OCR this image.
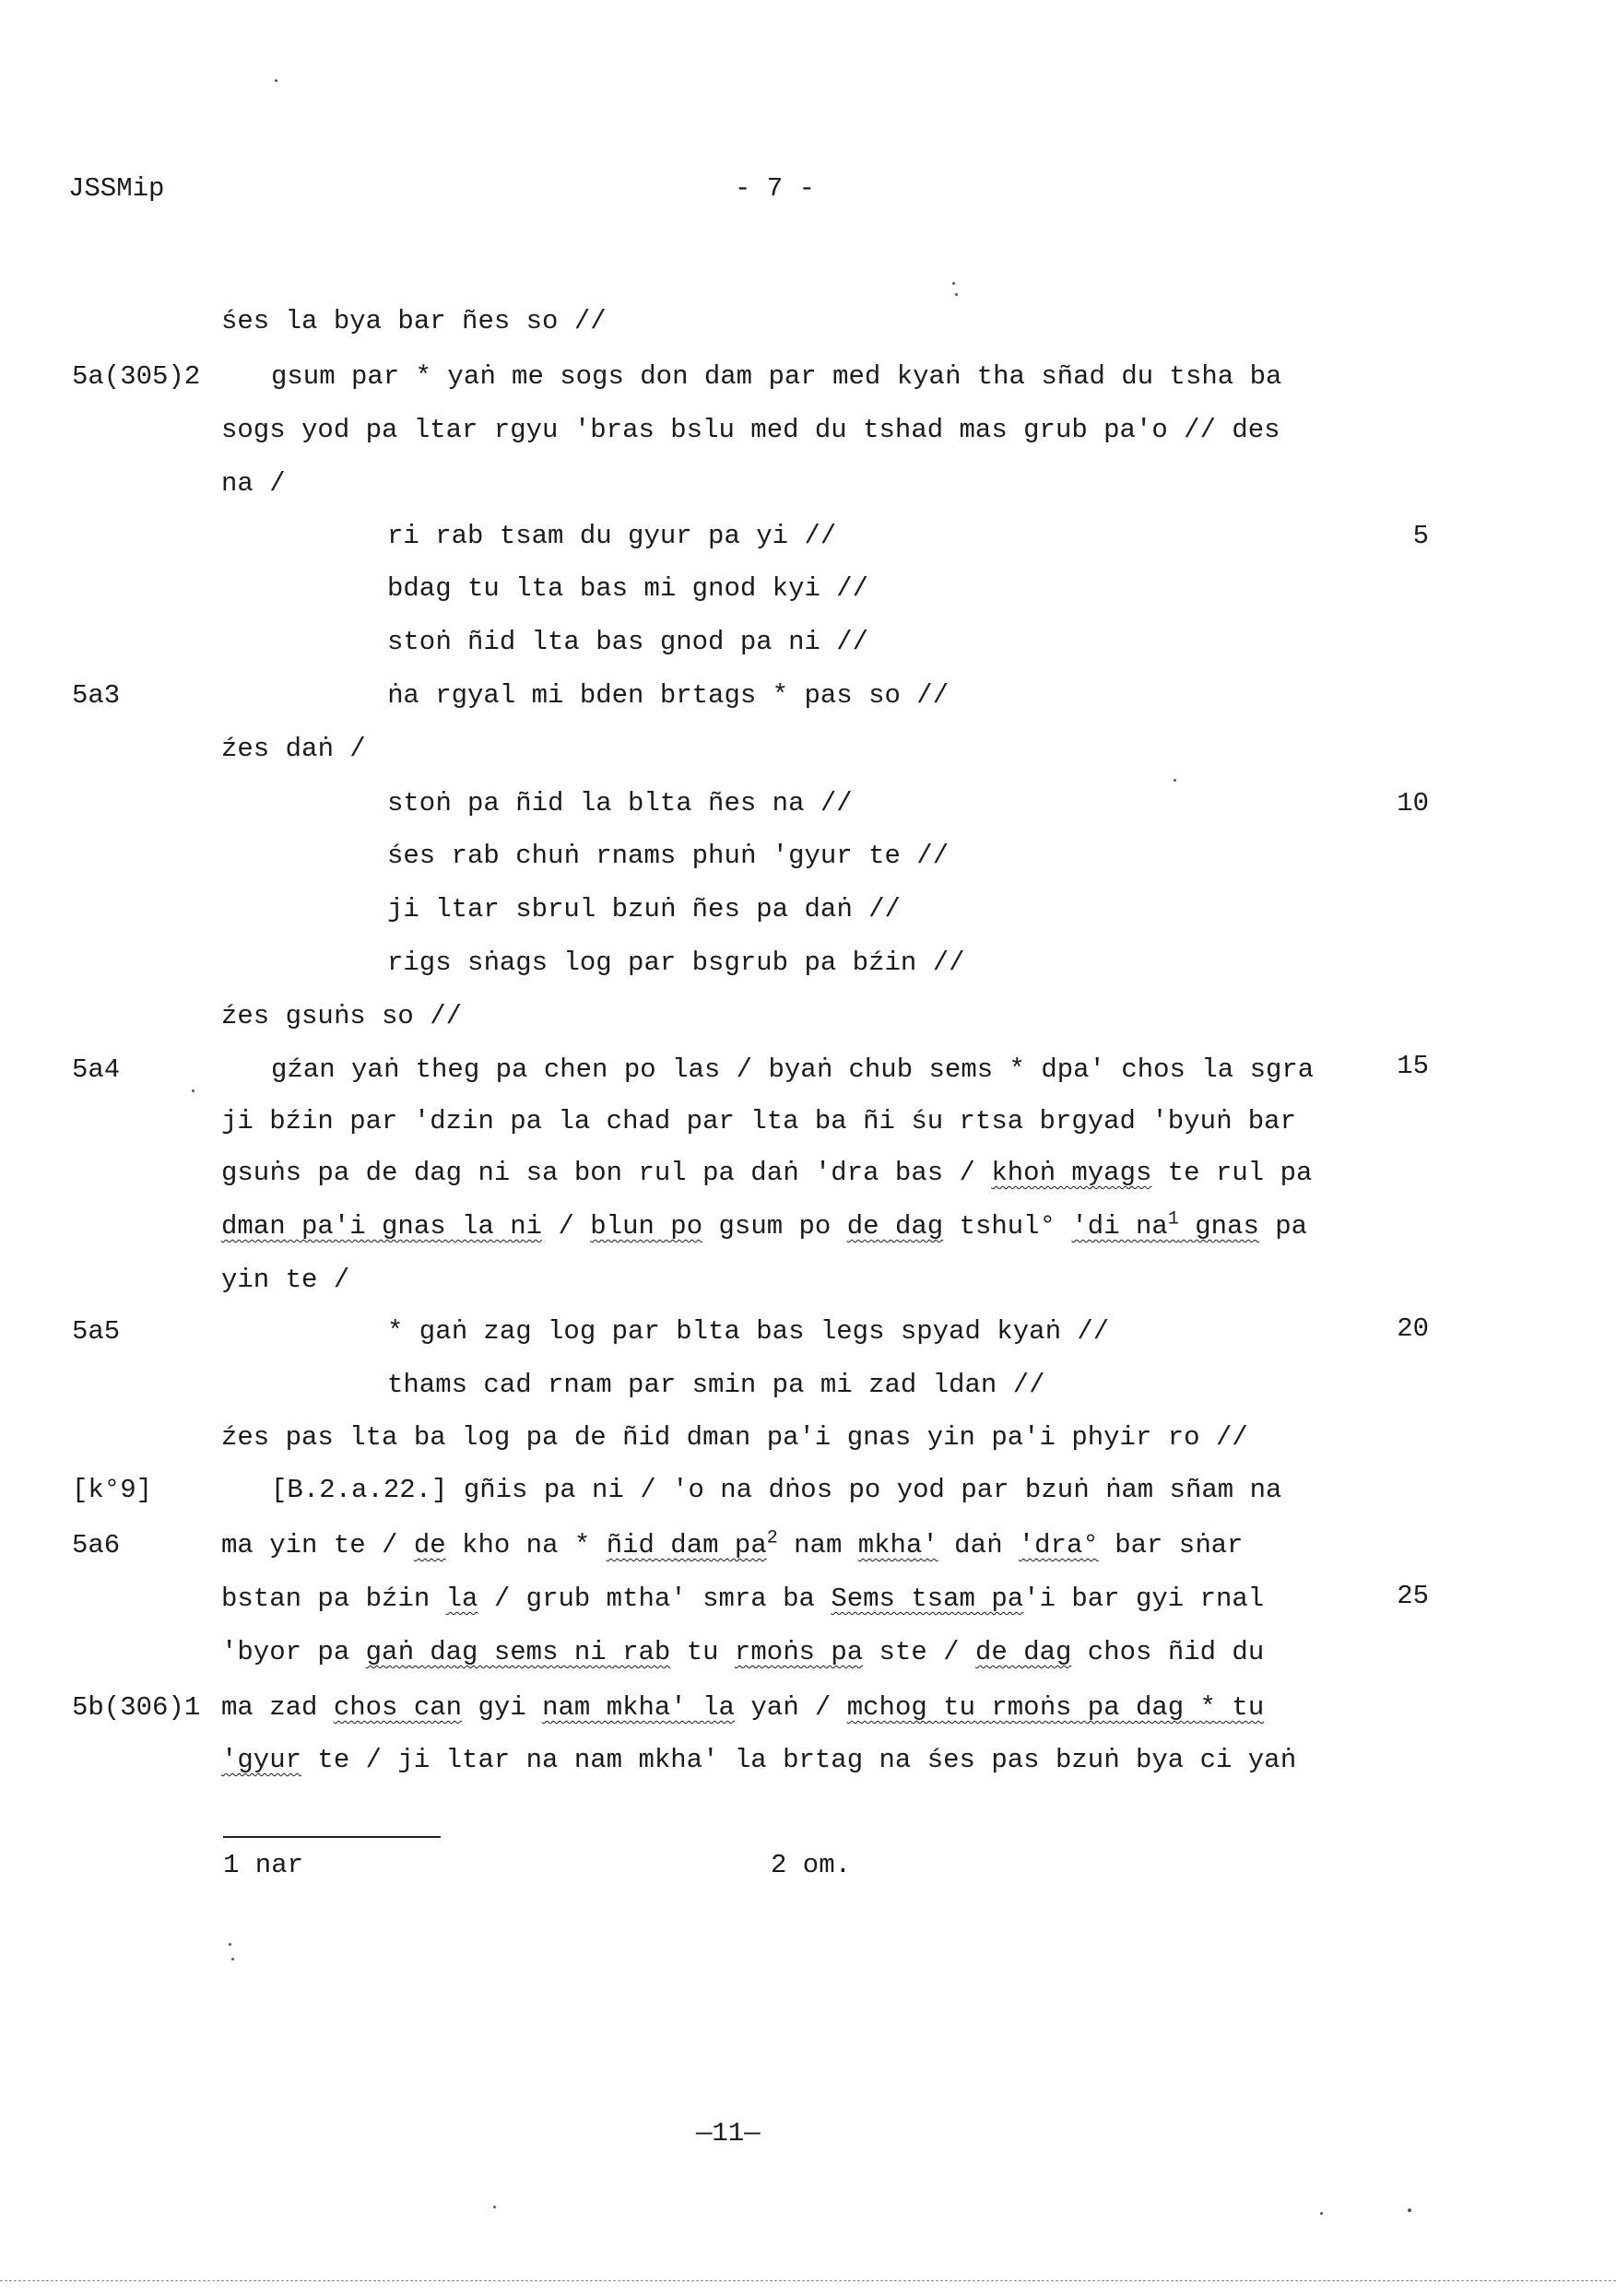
JSSMip	- 7 -
5a(305)2
5a3
5a4
5a5
[k°9]
5a6
5b(306)1
5
10
15
20
25
śes la bya bar ñes so //
gsum par * yaṅ me sogs don dam par med kyaṅ tha sñad du tsha ba
sogs yod pa ltar rgyu 'bras bslu med du tshad mas grub pa'o // des
na /
ri rab tsam du gyur pa yi //
bdag tu lta bas mi gnod kyi //
stoṅ ñid lta bas gnod pa ni //
ṅa rgyal mi bden brtags * pas so //
źes daṅ /
stoṅ pa ñid la blta ñes na //
śes rab chuṅ rnams phuṅ 'gyur te //
ji ltar sbrul bzuṅ ñes pa daṅ //
rigs sṅags log par bsgrub pa bźin //
źes gsuṅs so //
gźan yaṅ theg pa chen po las / byaṅ chub sems * dpa' chos la sgra
ji bźin par 'dzin pa la chad par lta ba ñi śu rtsa brgyad 'byuṅ bar
gsuṅs pa de dag ni sa bon rul pa daṅ 'dra bas / khoṅ myags te rul pa
dman pa'i gnas la ni / blun po gsum po de dag tshul° 'di $na^1$ gnas pa
yin te /
* gaṅ zag log par blta bas legs spyad kyaṅ //
thams cad rnam par smin pa mi zad ldan //
źes pas lta ba log pa de ñid dman pa'i gnas yin pa'i phyir ro //
[B.2.a.22.] gñis pa ni / 'o na dṅos po yod par bzuṅ ṅam sñam na
ma yin te / de kho na * ñid dam $pa^2$ nam mkha' daṅ 'dra° bar sṅar
bstan pa bźin la / grub mtha' smra ba Sems tsam pa'i bar gyi rnal
'byor pa gaṅ dag sems ni rab tu rmoṅs pa ste / de dag chos ñid du
ma zad chos can gyi nam mkha' la yaṅ / mchog tu rmoṅs pa dag * tu
'gyur te / ji ltar na nam mkha' la brtag na śes pas bzuṅ bya ci yaṅ
1 nar	2 om.
—11—
